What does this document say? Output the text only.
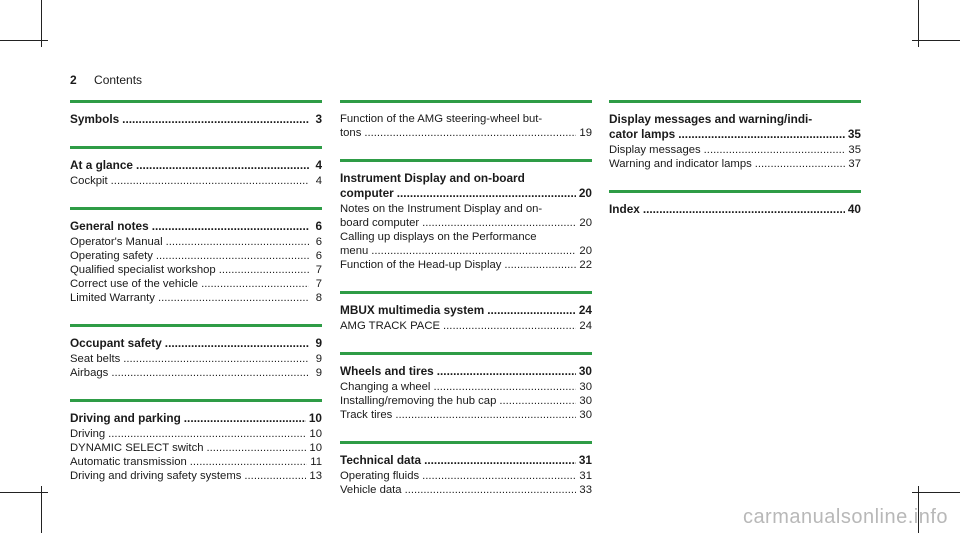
2 Contents
Symbols .....	3
At a glance .....	4
Cockpit .....	4
General notes .....	6
Operator's Manual .....	6
Operating safety .....	6
Qualified specialist workshop .....	7
Correct use of the vehicle .....	7
Limited Warranty .....	8
Occupant safety .....	9
Seat belts .....	9
Airbags .....	9
Driving and parking .....	10
Driving .....	10
DYNAMIC SELECT switch .....	10
Automatic transmission .....	11
Driving and driving safety systems .....	13
Function of the AMG steering-wheel but-
tons .....	19
Instrument Display and on-board
computer .....	20
Notes on the Instrument Display and on-
board computer .....	20
Calling up displays on the Performance
menu .....	20
Function of the Head-up Display .....	22
MBUX multimedia system .....	24
AMG TRACK PACE .....	24
Wheels and tires .....	30
Changing a wheel .....	30
Installing/removing the hub cap .....	30
Track tires .....	30
Technical data .....	31
Operating fluids .....	31
Vehicle data .....	33
Display messages and warning/indi-
cator lamps .....	35
Display messages .....	35
Warning and indicator lamps .....	37
Index .....	40
carmanualsonline.info
